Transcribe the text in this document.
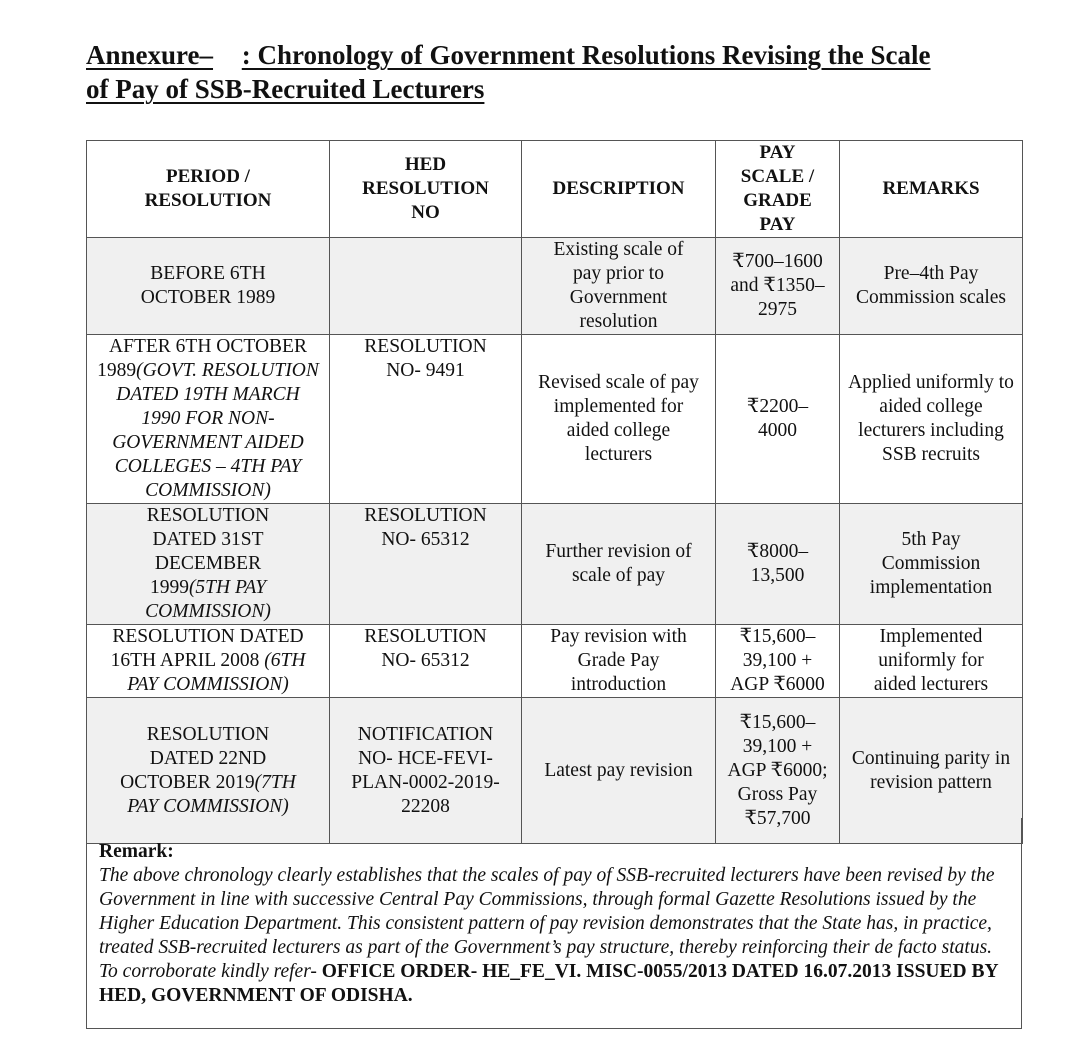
Annexure– : Chronology of Government Resolutions Revising the Scale
of Pay of SSB-Recruited Lecturers
PERIOD / RESOLUTION	HED RESOLUTION NO	DESCRIPTION	PAY SCALE / GRADE PAY	REMARKS
BEFORE 6TH OCTOBER 1989		Existing scale of pay prior to Government resolution	₹700–1600 and ₹1350–2975	Pre–4th Pay Commission scales
AFTER 6TH OCTOBER 1989(GOVT. RESOLUTION DATED 19TH MARCH 1990 FOR NON-GOVERNMENT AIDED COLLEGES – 4TH PAY COMMISSION)	RESOLUTION NO- 9491	Revised scale of pay implemented for aided college lecturers	₹2200–4000	Applied uniformly to aided college lecturers including SSB recruits
RESOLUTION DATED 31ST DECEMBER 1999(5TH PAY COMMISSION)	RESOLUTION NO- 65312	Further revision of scale of pay	₹8000–13,500	5th Pay Commission implementation
RESOLUTION DATED 16TH APRIL 2008 (6TH PAY COMMISSION)	RESOLUTION NO- 65312	Pay revision with Grade Pay introduction	₹15,600–39,100 + AGP ₹6000	Implemented uniformly for aided lecturers
RESOLUTION DATED 22ND OCTOBER 2019(7TH PAY COMMISSION)	NOTIFICATION NO- HCE-FEVI-PLAN-0002-2019-22208	Latest pay revision	₹15,600–39,100 + AGP ₹6000; Gross Pay ₹57,700	Continuing parity in revision pattern
Remark:
The above chronology clearly establishes that the scales of pay of SSB-recruited lecturers have been revised by the Government in line with successive Central Pay Commissions, through formal Gazette Resolutions issued by the Higher Education Department. This consistent pattern of pay revision demonstrates that the State has, in practice, treated SSB-recruited lecturers as part of the Government’s pay structure, thereby reinforcing their de facto status. To corroborate kindly refer- OFFICE ORDER- HE_FE_VI. MISC-0055/2013 DATED 16.07.2013 ISSUED BY HED, GOVERNMENT OF ODISHA.
